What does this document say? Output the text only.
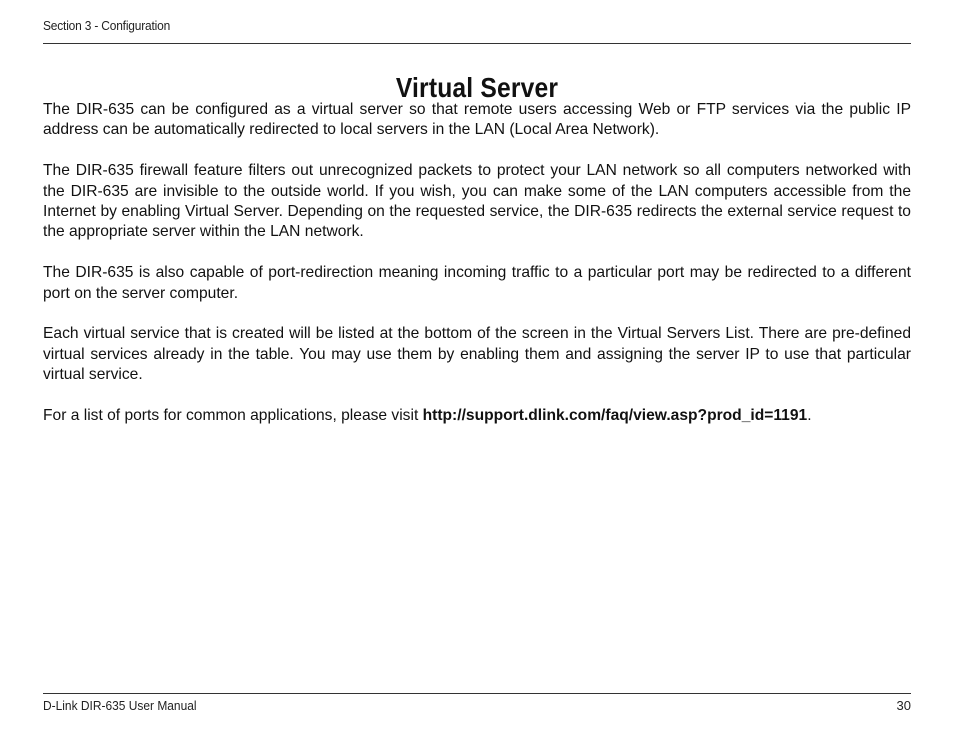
Section 3 - Configuration
Virtual Server

The DIR-635 can be configured as a virtual server so that remote users accessing Web or FTP services via the public IP address can be automatically redirected to local servers in the LAN (Local Area Network).

The DIR-635 firewall feature filters out unrecognized packets to protect your LAN network so all computers networked with the DIR-635 are invisible to the outside world. If you wish, you can make some of the LAN computers accessible from the Internet by enabling Virtual Server. Depending on the requested service, the DIR-635 redirects the external service request to the appropriate server within the LAN network.

The DIR-635 is also capable of port-redirection meaning incoming traffic to a particular port may be redirected to a different port on the server computer.

Each virtual service that is created will be listed at the bottom of the screen in the Virtual Servers List. There are pre-defined virtual services already in the table. You may use them by enabling them and assigning the server IP to use that particular virtual service.

For a list of ports for common applications, please visit http://support.dlink.com/faq/view.asp?prod_id=1191.

D-Link DIR-635 User Manual	30
